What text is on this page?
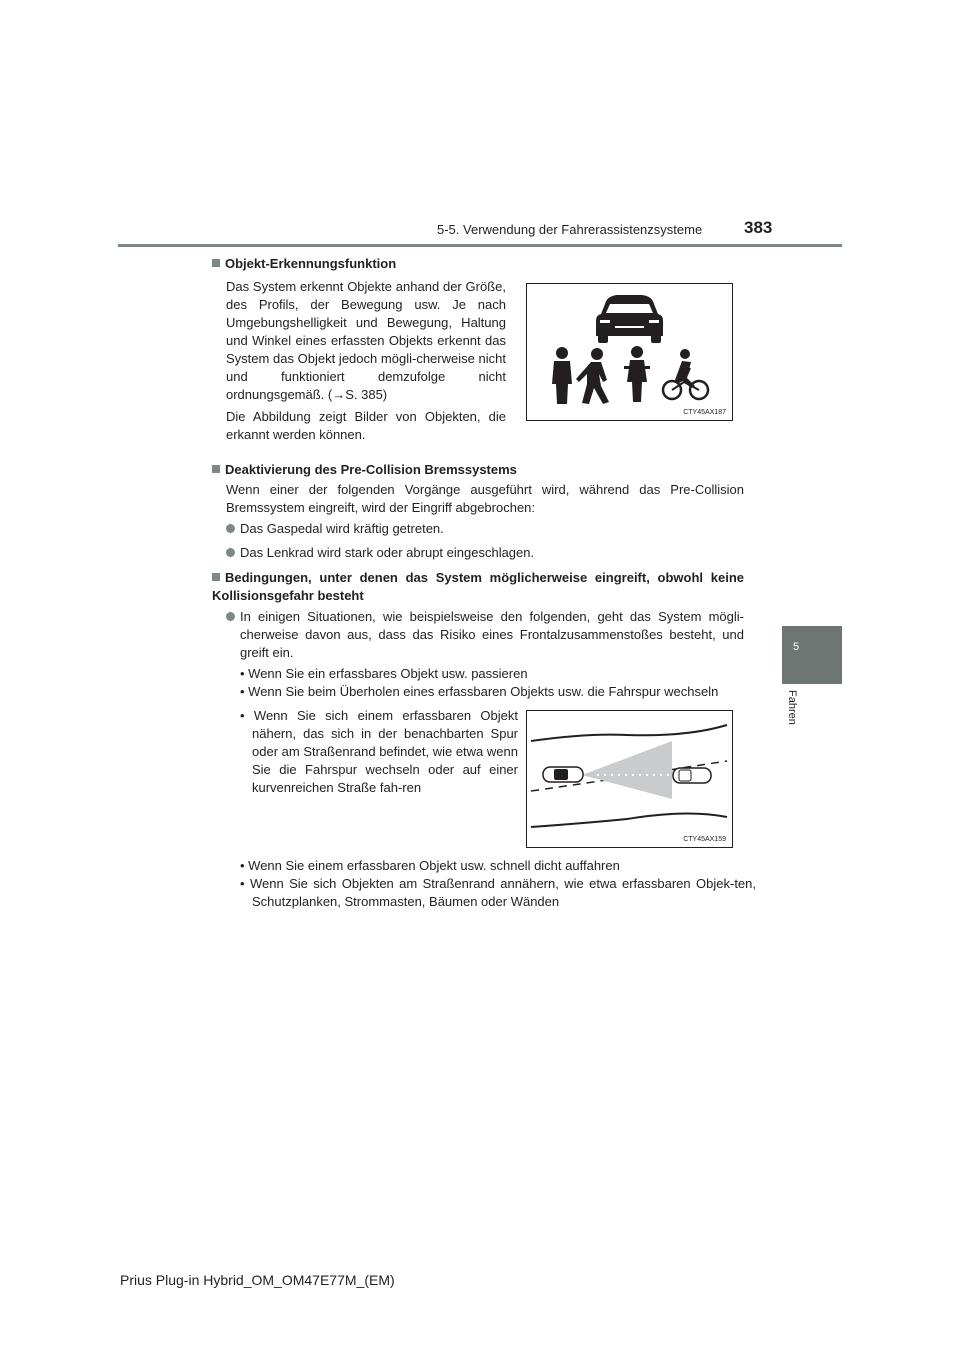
5-5. Verwendung der Fahrerassistenzsysteme 383
5
Fahren
Objekt-Erkennungsfunktion
Das System erkennt Objekte anhand der Größe, des Profils, der Bewegung usw. Je nach Umgebungshelligkeit und Bewegung, Haltung und Winkel eines erfassten Objekts erkennt das System das Objekt jedoch mögli-cherweise nicht und funktioniert demzufolge nicht ordnungsgemäß. (→S. 385)
Die Abbildung zeigt Bilder von Objekten, die erkannt werden können.
CTY45AX187
Deaktivierung des Pre-Collision Bremssystems
Wenn einer der folgenden Vorgänge ausgeführt wird, während das Pre-Collision Bremssystem eingreift, wird der Eingriff abgebrochen:
Das Gaspedal wird kräftig getreten.
Das Lenkrad wird stark oder abrupt eingeschlagen.
Bedingungen, unter denen das System möglicherweise eingreift, obwohl keine Kollisionsgefahr besteht
In einigen Situationen, wie beispielsweise den folgenden, geht das System mögli-cherweise davon aus, dass das Risiko eines Frontalzusammenstoßes besteht, und greift ein.
• Wenn Sie ein erfassbares Objekt usw. passieren
• Wenn Sie beim Überholen eines erfassbaren Objekts usw. die Fahrspur wechseln
• Wenn Sie sich einem erfassbaren Objekt nähern, das sich in der benachbarten Spur oder am Straßenrand befindet, wie etwa wenn Sie die Fahrspur wechseln oder auf einer kurvenreichen Straße fah-ren
CTY45AX159
• Wenn Sie einem erfassbaren Objekt usw. schnell dicht auffahren
• Wenn Sie sich Objekten am Straßenrand annähern, wie etwa erfassbaren Objek-ten, Schutzplanken, Strommasten, Bäumen oder Wänden
Prius Plug-in Hybrid_OM_OM47E77M_(EM)
